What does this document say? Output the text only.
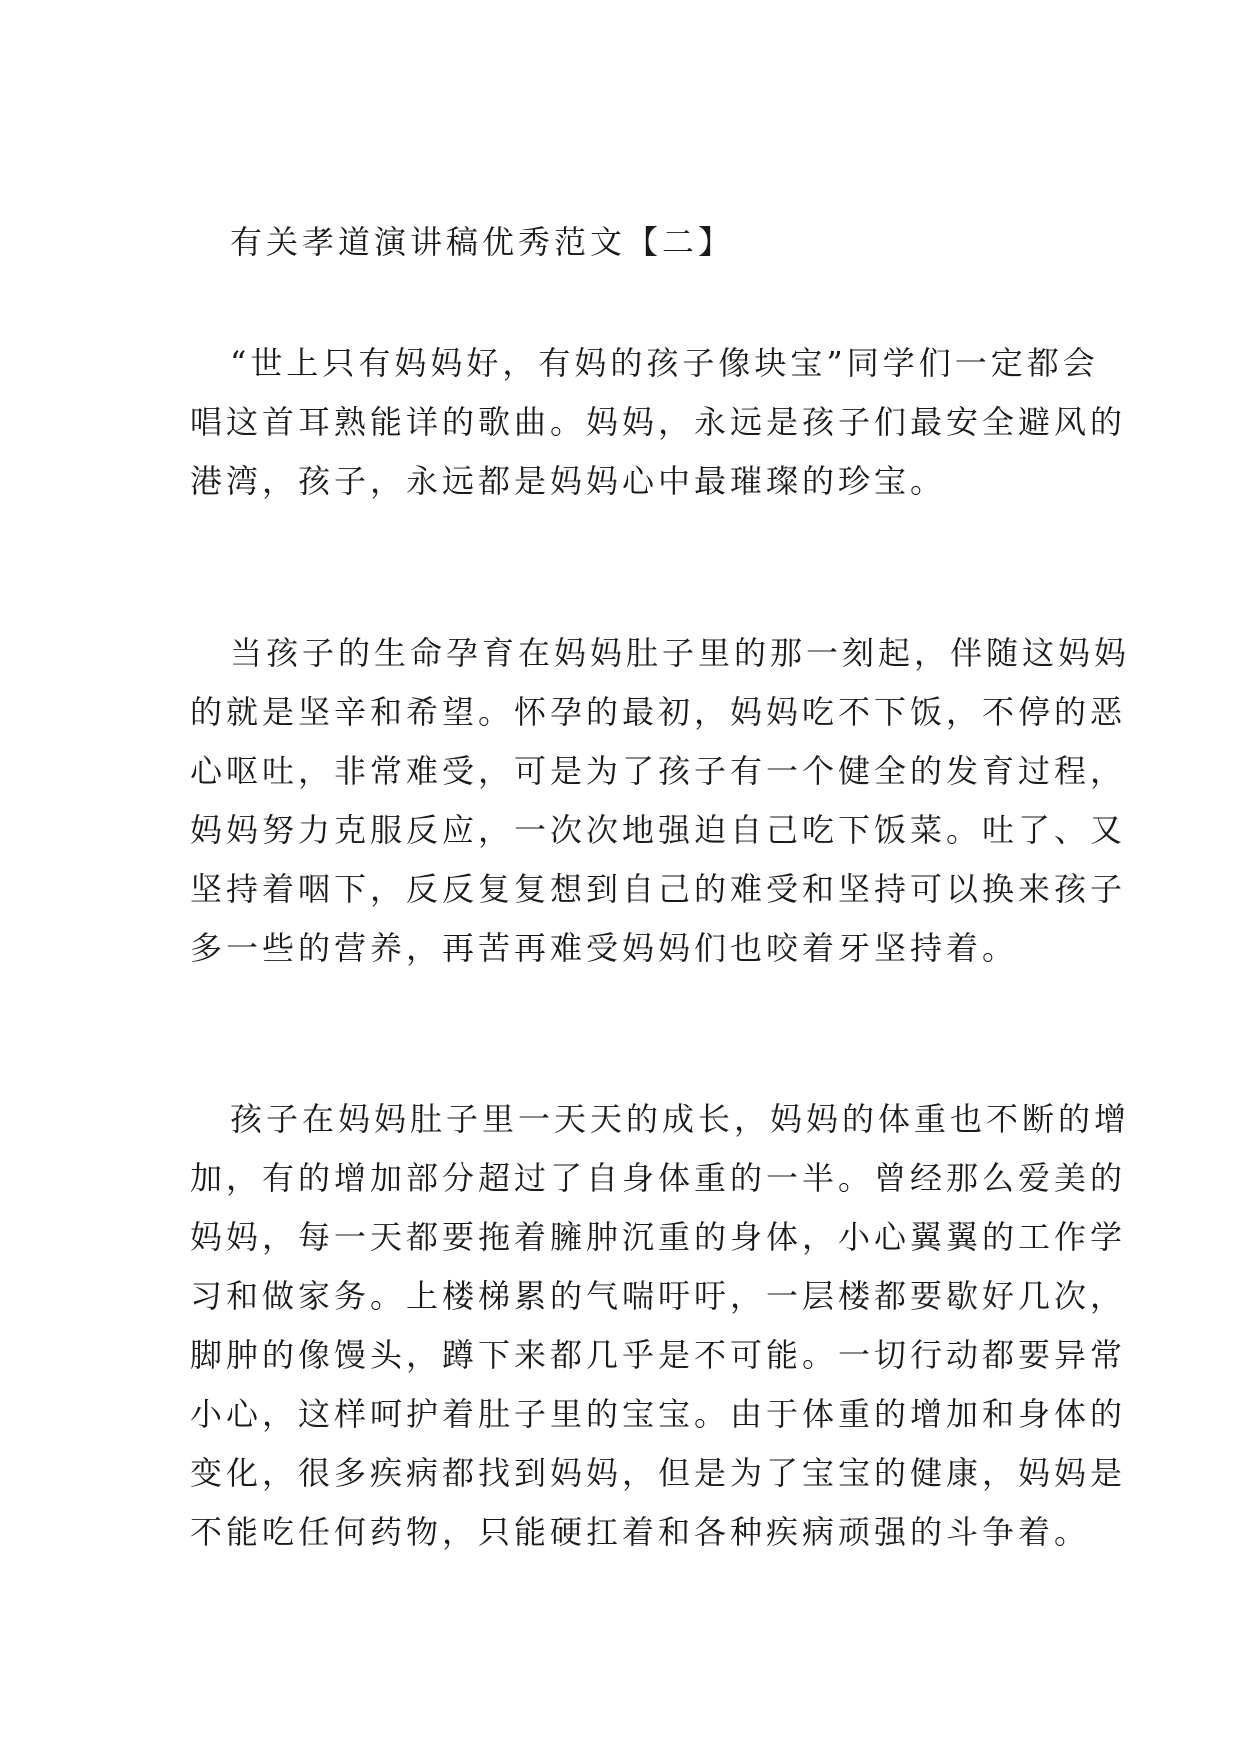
有关孝道演讲稿优秀范文【二】
“世上只有妈妈好，有妈的孩子像块宝”同学们一定都会
唱这首耳熟能详的歌曲。妈妈，永远是孩子们最安全避风的
港湾，孩子，永远都是妈妈心中最璀璨的珍宝。
当孩子的生命孕育在妈妈肚子里的那一刻起，伴随这妈妈
的就是坚辛和希望。怀孕的最初，妈妈吃不下饭，不停的恶
心呕吐，非常难受，可是为了孩子有一个健全的发育过程，
妈妈努力克服反应，一次次地强迫自己吃下饭菜。吐了、又
坚持着咽下，反反复复想到自己的难受和坚持可以换来孩子
多一些的营养，再苦再难受妈妈们也咬着牙坚持着。
孩子在妈妈肚子里一天天的成长，妈妈的体重也不断的增
加，有的增加部分超过了自身体重的一半。曾经那么爱美的
妈妈，每一天都要拖着臃肿沉重的身体，小心翼翼的工作学
习和做家务。上楼梯累的气喘吁吁，一层楼都要歇好几次，
脚肿的像馒头，蹲下来都几乎是不可能。一切行动都要异常
小心，这样呵护着肚子里的宝宝。由于体重的增加和身体的
变化，很多疾病都找到妈妈，但是为了宝宝的健康，妈妈是
不能吃任何药物，只能硬扛着和各种疾病顽强的斗争着。
